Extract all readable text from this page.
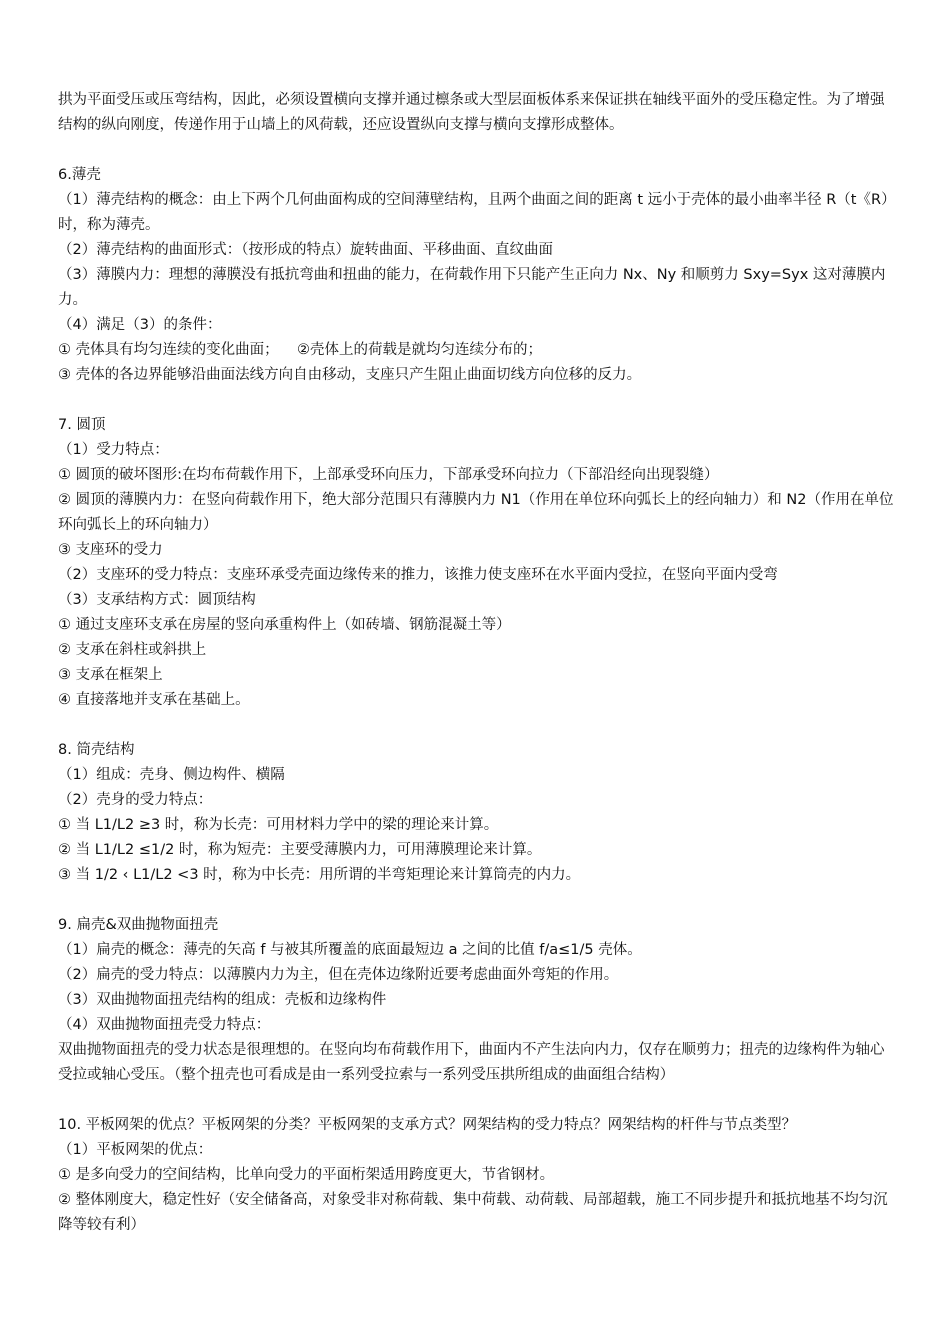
拱为平面受压或压弯结构，因此，必须设置横向支撑并通过檩条或大型层面板体系来保证拱在轴线平面外的受压稳定性。为了增强结构的纵向刚度，传递作用于山墙上的风荷载，还应设置纵向支撑与横向支撑形成整体。

6.薄壳

（1）薄壳结构的概念：由上下两个几何曲面构成的空间薄壁结构，且两个曲面之间的距离 t 远小于壳体的最小曲率半径 R（t《R）时，称为薄壳。

（2）薄壳结构的曲面形式：（按形成的特点）旋转曲面、平移曲面、直纹曲面

（3）薄膜内力：理想的薄膜没有抵抗弯曲和扭曲的能力，在荷载作用下只能产生正向力 Nx、Ny 和顺剪力 Sxy=Syx 这对薄膜内力。

（4）满足（3）的条件：

① 壳体具有均匀连续的变化曲面；    ②壳体上的荷载是就均匀连续分布的；

③ 壳体的各边界能够沿曲面法线方向自由移动，支座只产生阻止曲面切线方向位移的反力。

7. 圆顶

（1）受力特点：

① 圆顶的破坏图形:在均布荷载作用下，上部承受环向压力，下部承受环向拉力（下部沿经向出现裂缝）

② 圆顶的薄膜内力：在竖向荷载作用下，绝大部分范围只有薄膜内力 N1（作用在单位环向弧长上的经向轴力）和 N2（作用在单位环向弧长上的环向轴力）

③ 支座环的受力

（2）支座环的受力特点：支座环承受壳面边缘传来的推力，该推力使支座环在水平面内受拉，在竖向平面内受弯

（3）支承结构方式：圆顶结构

① 通过支座环支承在房屋的竖向承重构件上（如砖墙、钢筋混凝土等）

② 支承在斜柱或斜拱上

③ 支承在框架上

④ 直接落地并支承在基础上。

8. 筒壳结构

（1）组成：壳身、侧边构件、横隔

（2）壳身的受力特点：

① 当 L1/L2 ≥3 时，称为长壳：可用材料力学中的梁的理论来计算。

② 当 L1/L2 ≤1/2 时，称为短壳：主要受薄膜内力，可用薄膜理论来计算。

③ 当 1/2 ‹ L1/L2 <3 时，称为中长壳：用所谓的半弯矩理论来计算筒壳的内力。

9. 扁壳&双曲抛物面扭壳

（1）扁壳的概念：薄壳的矢高 f 与被其所覆盖的底面最短边 a 之间的比值 f/a≤1/5 壳体。

（2）扁壳的受力特点：以薄膜内力为主，但在壳体边缘附近要考虑曲面外弯矩的作用。

（3）双曲抛物面扭壳结构的组成：壳板和边缘构件

（4）双曲抛物面扭壳受力特点：

双曲抛物面扭壳的受力状态是很理想的。在竖向均布荷载作用下，曲面内不产生法向内力，仅存在顺剪力；扭壳的边缘构件为轴心受拉或轴心受压。（整个扭壳也可看成是由一系列受拉索与一系列受压拱所组成的曲面组合结构）

10. 平板网架的优点？平板网架的分类？平板网架的支承方式？网架结构的受力特点？网架结构的杆件与节点类型？

（1）平板网架的优点：

① 是多向受力的空间结构，比单向受力的平面桁架适用跨度更大，节省钢材。

② 整体刚度大，稳定性好（安全储备高，对象受非对称荷载、集中荷载、动荷载、局部超载，施工不同步提升和抵抗地基不均匀沉降等较有利）
